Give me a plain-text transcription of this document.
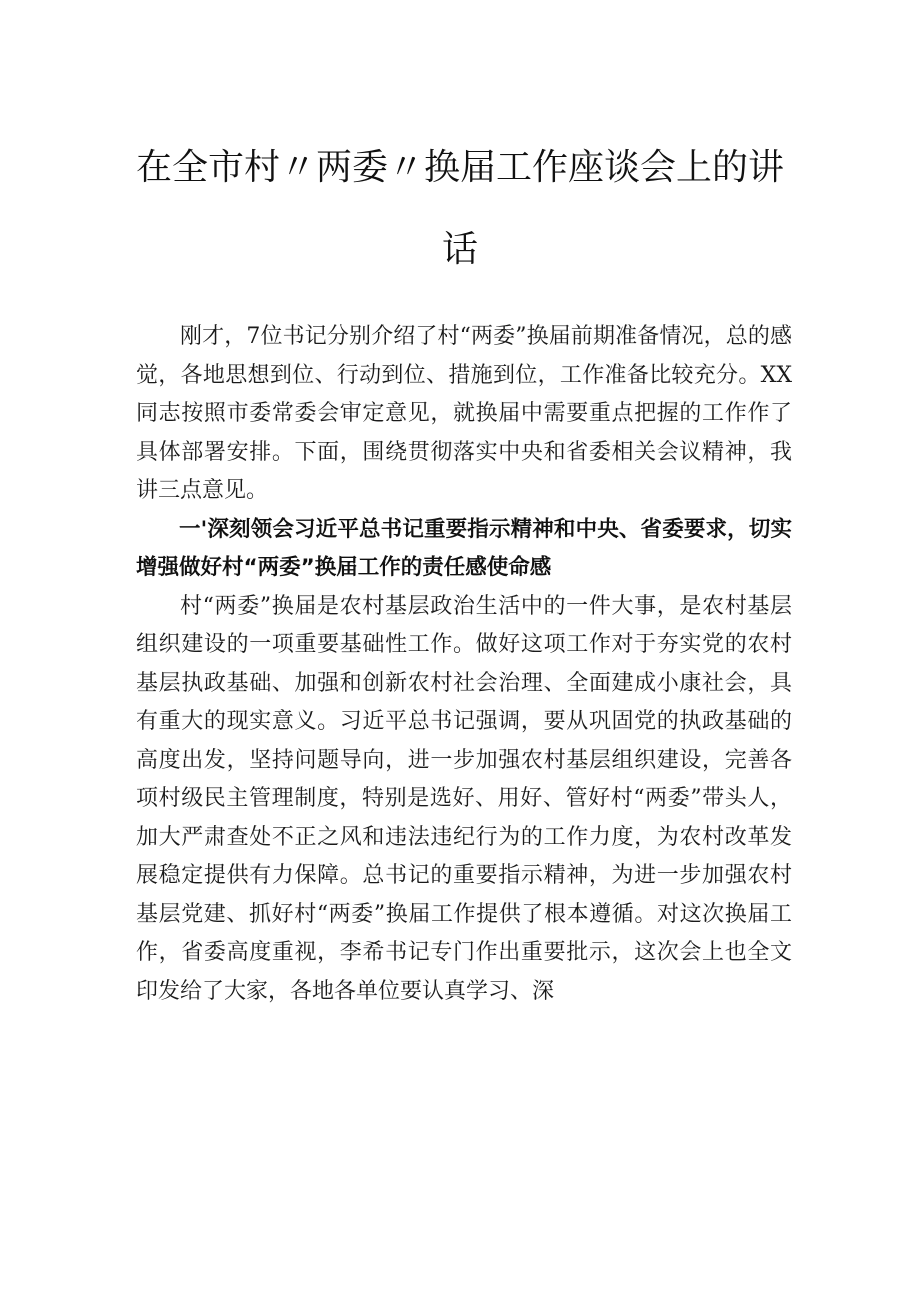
在全市村〃两委〃换届工作座谈会上的讲
话

刚才，7位书记分别介绍了村“两委”换届前期准备情况，总的感觉，各地思想到位、行动到位、措施到位，工作准备比较充分。XX同志按照市委常委会审定意见，就换届中需要重点把握的工作作了具体部署安排。下面，围绕贯彻落实中央和省委相关会议精神，我讲三点意见。

一'深刻领会习近平总书记重要指示精神和中央、省委要求，切实增强做好村“两委”换届工作的责任感使命感

村“两委”换届是农村基层政治生活中的一件大事，是农村基层组织建设的一项重要基础性工作。做好这项工作对于夯实党的农村基层执政基础、加强和创新农村社会治理、全面建成小康社会，具有重大的现实意义。习近平总书记强调，要从巩固党的执政基础的高度出发，坚持问题导向，进一步加强农村基层组织建设，完善各项村级民主管理制度，特别是选好、用好、管好村“两委”带头人，加大严肃查处不正之风和违法违纪行为的工作力度，为农村改革发展稳定提供有力保障。总书记的重要指示精神，为进一步加强农村基层党建、抓好村“两委”换届工作提供了根本遵循。对这次换届工作，省委高度重视，李希书记专门作出重要批示，这次会上也全文印发给了大家，各地各单位要认真学习、深
